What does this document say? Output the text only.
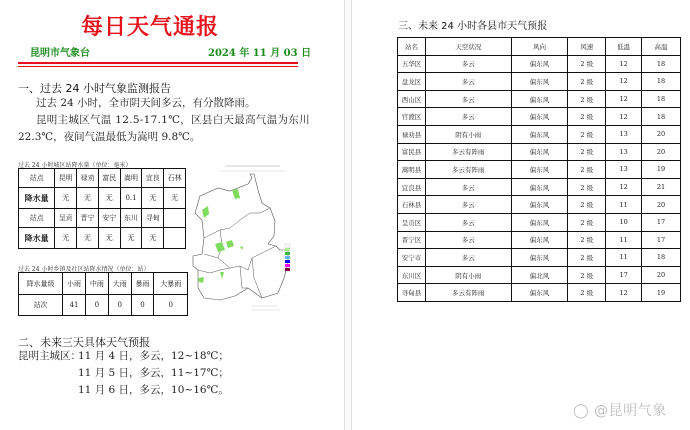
每日天气通报
昆明市气象台	2024 年 11 月 03 日
一、过去 24 小时气象监测报告
过去 24 小时，全市阴天间多云，有分散降雨。
昆明主城区气温 12.5-17.1℃，区县白天最高气温为东川
22.3℃，夜间气温最低为嵩明 9.8℃。
过去 24 小时城区站降水量（单位：毫米）
站点	昆明	禄劝	富民	嵩明	宜良	石林
降水量	无	无	无	0.1	无	无
站点	呈贡	晋宁	安宁	东川	寻甸	
降水量	无	无	无	无	无	
过去 24 小时乡镇及社区站降水情况（单位：站）
降水量级	小雨	中雨	大雨	暴雨	大暴雨
站次	41	0	0	0	0
二、未来三天具体天气预报
昆明主城区：
11 月 4 日，多云，12~18℃；
11 月 5 日，多云，11~17℃；
11 月 6 日，多云，10~16℃。
三、未来 24 小时各县市天气预报
站名	天空状况	风向	风速	低温	高温
五华区	多云	偏东风	2 级	12	18
盘龙区	多云	偏东风	2 级	12	18
西山区	多云	偏东风	2 级	12	18
官渡区	多云	偏东风	2 级	12	18
禄劝县	阴有小雨	偏东风	2 级	13	20
富民县	多云有阵雨	偏东风	2 级	13	20
嵩明县	多云有阵雨	偏东风	2 级	13	19
宜良县	多云	偏东风	2 级	12	21
石林县	多云	偏东风	2 级	11	20
呈贡区	多云	偏东风	2 级	10	17
晋宁区	多云	偏东风	2 级	11	17
安宁市	多云	偏东风	2 级	11	18
东川区	阴有小雨	偏北风	2 级	17	20
寻甸县	多云有阵雨	偏东风	2 级	12	19
◯ @昆明气象
